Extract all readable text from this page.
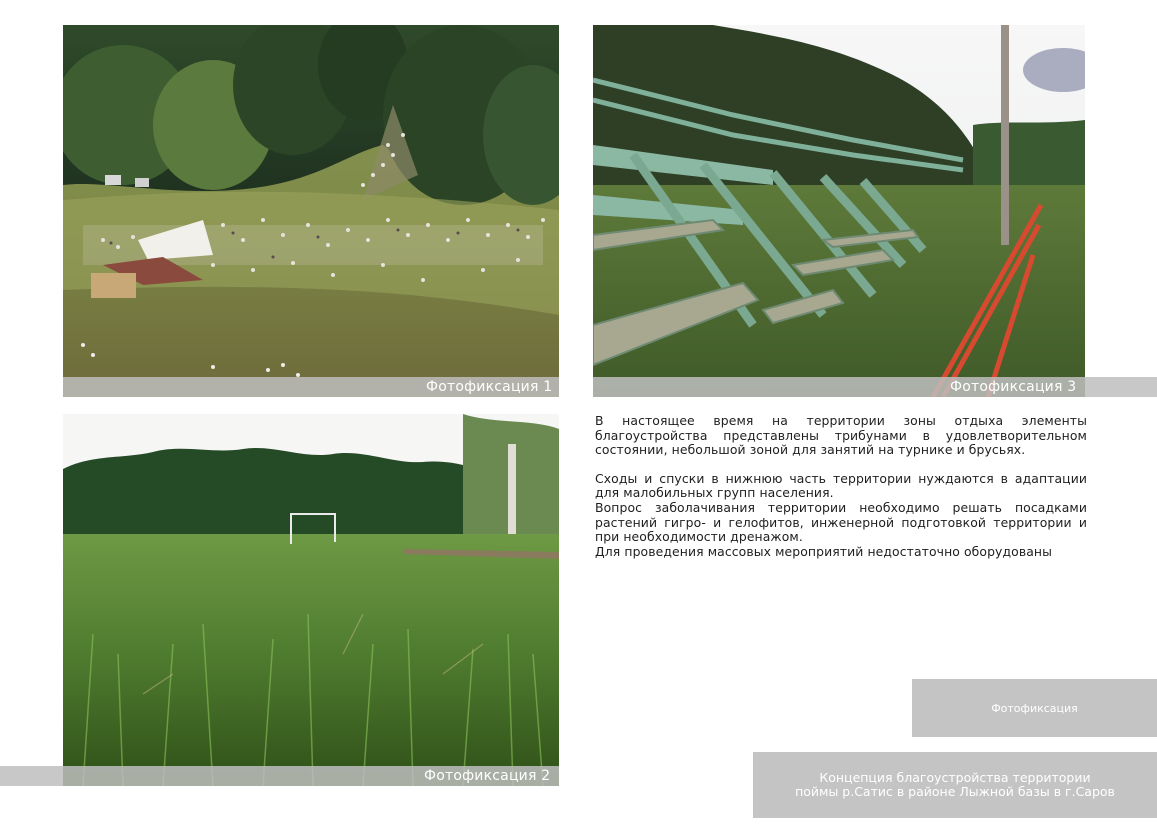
Фотофиксация 1	Фотофиксация 3
Фотофиксация 2

В настоящее время на территории зоны отдыха элементы благоустройства представлены трибунами в удовлетворительном состоянии, небольшой зоной для занятий на турнике и брусьях.

Сходы и спуски в нижнюю часть территории нуждаются в адаптации для малобильных групп населения.

Вопрос заболачивания территории необходимо решать посадками растений гигро- и гелофитов, инженерной подготовкой территории и при необходимости дренажом.

Для проведения массовых мероприятий недостаточно оборудованы

Фотофиксация
Концепция благоустройства территории
поймы р.Сатис в районе Лыжной базы в г.Саров
